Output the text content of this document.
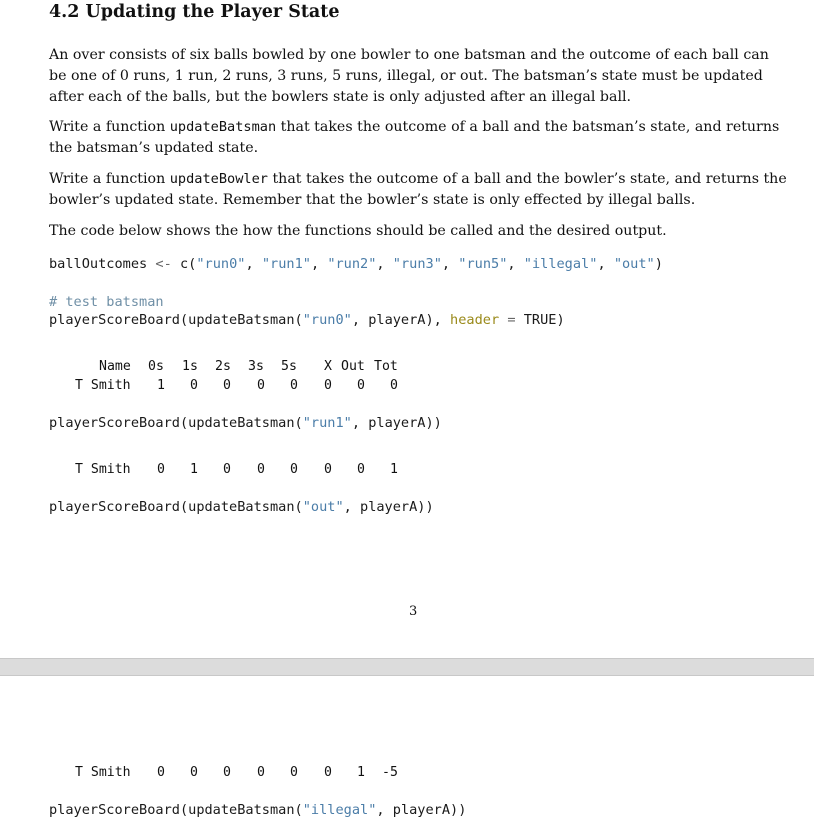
4.2 Updating the Player State

An over consists of six balls bowled by one bowler to one batsman and the outcome of each ball can be one of 0 runs, 1 run, 2 runs, 3 runs, 5 runs, illegal, or out. The batsman’s state must be updated after each of the balls, but the bowlers state is only adjusted after an illegal ball.

Write a function updateBatsman that takes the outcome of a ball and the batsman’s state, and returns the batsman’s updated state.

Write a function updateBowler that takes the outcome of a ball and the bowler’s state, and returns the bowler’s updated state. Remember that the bowler’s state is only effected by illegal balls.

The code below shows the how the functions should be called and the desired output.

ballOutcomes <- c("run0", "run1", "run2", "run3", "run5", "illegal", "out")
# test batsman
playerScoreBoard(updateBatsman("run0", playerA), header = TRUE)
Name 0s 1s 2s 3s 5s X Out Tot
T Smith 1 0 0 0 0 0 0 0
playerScoreBoard(updateBatsman("run1", playerA))
T Smith 0 1 0 0 0 0 0 1
playerScoreBoard(updateBatsman("out", playerA))
3
T Smith 0 0 0 0 0 0 1 -5
playerScoreBoard(updateBatsman("illegal", playerA))
